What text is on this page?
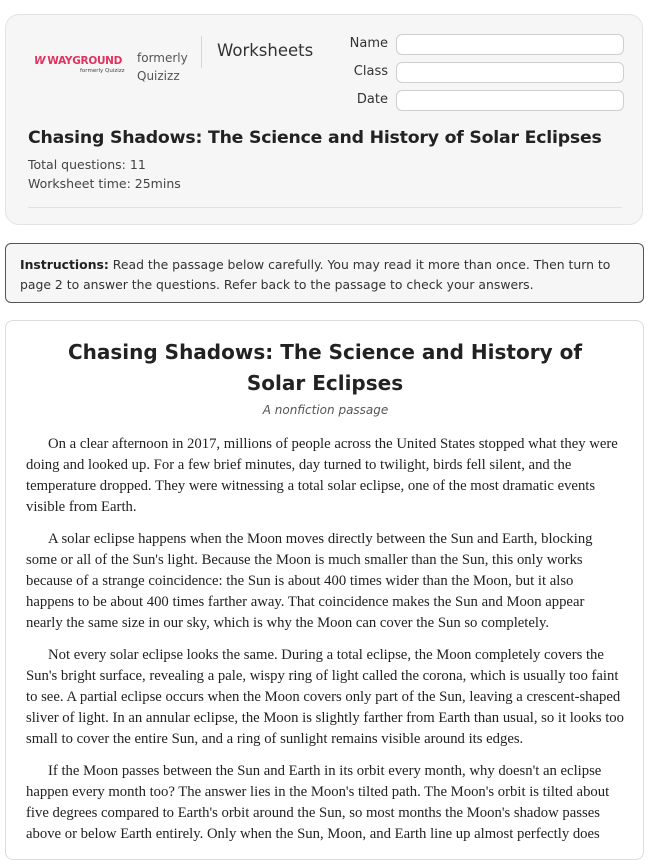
W WAYGROUND
formerly Quizizz
formerly Quizizz
Worksheets	Name
Class
Date
Chasing Shadows: The Science and History of Solar Eclipses
Total questions: 11
Worksheet time: 25mins
Instructions: Read the passage below carefully. You may read it more than once. Then turn to page 2 to answer the questions. Refer back to the passage to check your answers.
Chasing Shadows: The Science and History of Solar Eclipses
A nonfiction passage

On a clear afternoon in 2017, millions of people across the United States stopped what they were doing and looked up. For a few brief minutes, day turned to twilight, birds fell silent, and the temperature dropped. They were witnessing a total solar eclipse, one of the most dramatic events visible from Earth.

A solar eclipse happens when the Moon moves directly between the Sun and Earth, blocking some or all of the Sun's light. Because the Moon is much smaller than the Sun, this only works because of a strange coincidence: the Sun is about 400 times wider than the Moon, but it also happens to be about 400 times farther away. That coincidence makes the Sun and Moon appear nearly the same size in our sky, which is why the Moon can cover the Sun so completely.

Not every solar eclipse looks the same. During a total eclipse, the Moon completely covers the Sun's bright surface, revealing a pale, wispy ring of light called the corona, which is usually too faint to see. A partial eclipse occurs when the Moon covers only part of the Sun, leaving a crescent-shaped sliver of light. In an annular eclipse, the Moon is slightly farther from Earth than usual, so it looks too small to cover the entire Sun, and a ring of sunlight remains visible around its edges.

If the Moon passes between the Sun and Earth in its orbit every month, why doesn't an eclipse happen every month too? The answer lies in the Moon's tilted path. The Moon's orbit is tilted about five degrees compared to Earth's orbit around the Sun, so most months the Moon's shadow passes above or below Earth entirely. Only when the Sun, Moon, and Earth line up almost perfectly does
